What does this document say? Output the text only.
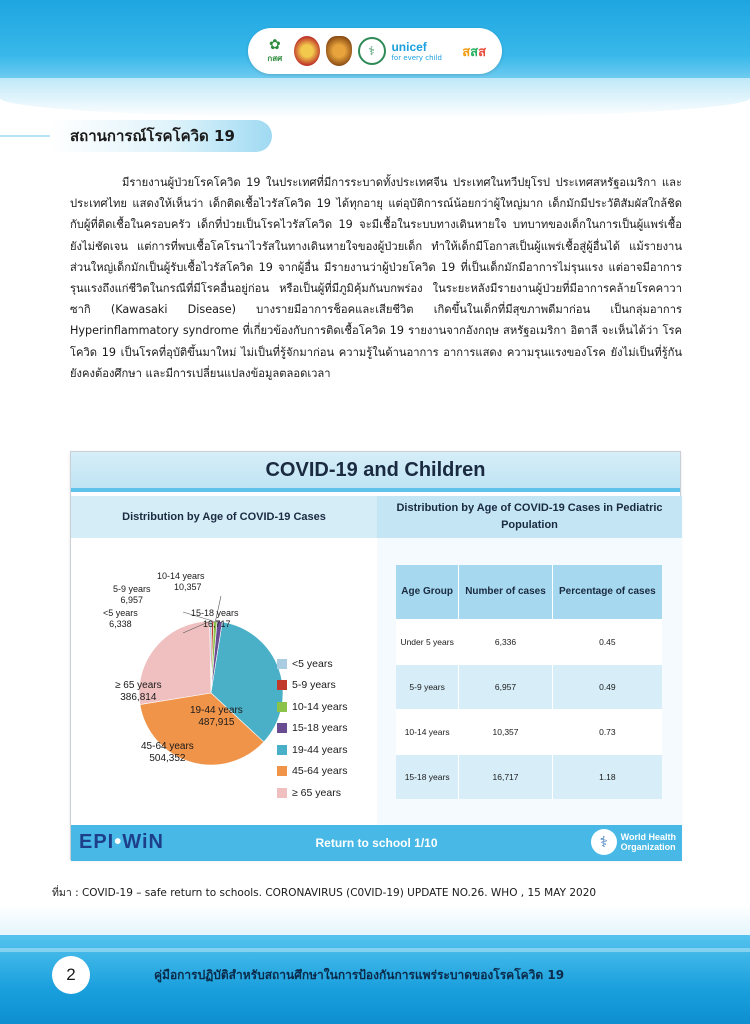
✿
กสศ	⚕	unicef
for every child ส ส ส
สถานการณ์โรคโควิด 19

มีรายงานผู้ป่วยโรคโควิด 19 ในประเทศที่มีการระบาดทั้งประเทศจีน ประเทศในทวีปยุโรป ประเทศสหรัฐอเมริกา และประเทศไทย แสดงให้เห็นว่า เด็กติดเชื้อไวรัสโควิด 19 ได้ทุกอายุ แต่อุบัติการณ์น้อยกว่าผู้ใหญ่มาก เด็กมักมีประวัติสัมผัสใกล้ชิดกับผู้ที่ติดเชื้อในครอบครัว เด็กที่ป่วยเป็นโรคไวรัสโควิด 19 จะมีเชื้อในระบบทางเดินหายใจ บทบาทของเด็กในการเป็นผู้แพร่เชื้อยังไม่ชัดเจน แต่การที่พบเชื้อโคโรนาไวรัสในทางเดินหายใจของผู้ป่วยเด็ก ทำให้เด็กมีโอกาสเป็นผู้แพร่เชื้อสู่ผู้อื่นได้ แม้รายงานส่วนใหญ่เด็กมักเป็นผู้รับเชื้อไวรัสโควิด 19 จากผู้อื่น มีรายงานว่าผู้ป่วยโควิด 19 ที่เป็นเด็กมักมีอาการไม่รุนแรง แต่อาจมีอาการรุนแรงถึงแก่ชีวิตในกรณีที่มีโรคอื่นอยู่ก่อน หรือเป็นผู้ที่มีภูมิคุ้มกันบกพร่อง ในระยะหลังมีรายงานผู้ป่วยที่มีอาการคล้ายโรคคาวาซากิ (Kawasaki Disease) บางรายมีอาการช็อคและเสียชีวิต เกิดขึ้นในเด็กที่มีสุขภาพดีมาก่อน เป็นกลุ่มอาการ Hyperinflammatory syndrome ที่เกี่ยวข้องกับการติดเชื้อโควิด 19 รายงานจากอังกฤษ สหรัฐอเมริกา อิตาลี จะเห็นได้ว่า โรคโควิด 19 เป็นโรคที่อุบัติขึ้นมาใหม่ ไม่เป็นที่รู้จักมาก่อน ความรู้ในด้านอาการ อาการแสดง ความรุนแรงของโรค ยังไม่เป็นที่รู้กันยังคงต้องศึกษา และมีการเปลี่ยนแปลงข้อมูลตลอดเวลา

COVID-19 and Children
Distribution by Age of COVID-19 Cases
Distribution by Age of COVID-19 Cases in Pediatric Population
10-14 years
10,357
5-9 years
6,957
<5 years
6,338
15-18 years
16,717
19-44 years
487,915
45-64 years
504,352
≥ 65 years
386,814
<5 years
5-9 years
10-14 years
15-18 years
19-44 years
45-64 years
≥ 65 years
Age Group	Number of cases	Percentage of cases
Under 5 years	6,336	0.45
5-9 years	6,957	0.49
10-14 years	10,357	0.73
15-18 years	16,717	1.18
EPI•WiN	Return to school 1/10	⚕	World Health
Organization
ที่มา : COVID-19 – safe return to schools. CORONAVIRUS (C0VID-19) UPDATE NO.26. WHO , 15 MAY 2020
2	คู่มือการปฏิบัติสำหรับสถานศึกษาในการป้องกันการแพร่ระบาดของโรคโควิด 19
